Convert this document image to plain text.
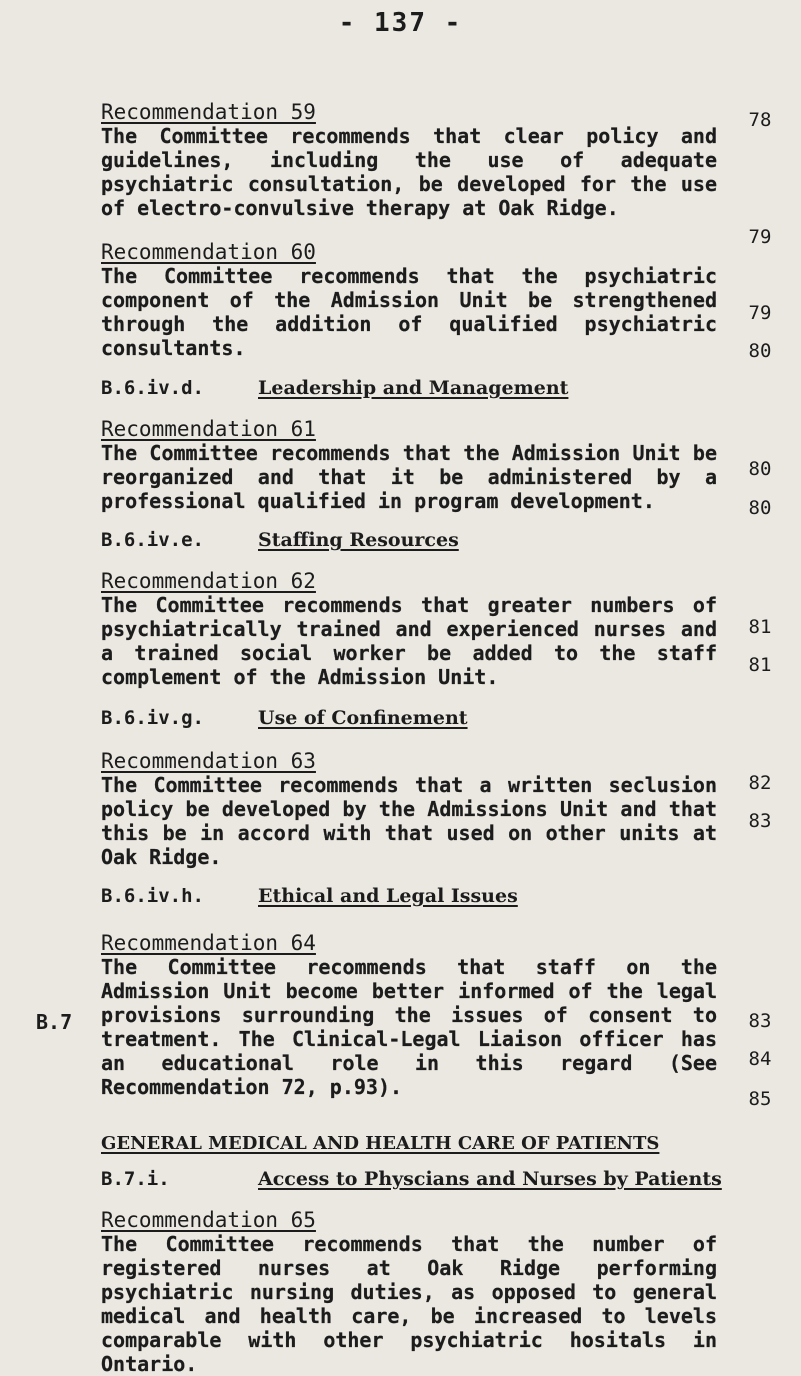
- 137 -
B.7
78
79
79
80
80
80
81
81
82
83
83
84
85
Recommendation 59

The Committee recommends that clear policy and guidelines, including the use of adequate psychiatric consultation, be developed for the use of electro-convulsive therapy at Oak Ridge.

Recommendation 60

The Committee recommends that the psychiatric component of the Admission Unit be strengthened through the addition of qualified psychiatric consultants.

B.6.iv.d.	Leadership and Management
Recommendation 61

The Committee recommends that the Admission Unit be reorganized and that it be administered by a professional qualified in program development.

B.6.iv.e.	Staffing Resources
Recommendation 62

The Committee recommends that greater numbers of psychiatrically trained and experienced nurses and a trained social worker be added to the staff complement of the Admission Unit.

B.6.iv.g.	Use of Confinement
Recommendation 63

The Committee recommends that a written seclusion policy be developed by the Admissions Unit and that this be in accord with that used on other units at Oak Ridge.

B.6.iv.h.	Ethical and Legal Issues
Recommendation 64

The Committee recommends that staff on the Admission Unit become better informed of the legal provisions surrounding the issues of consent to treatment. The Clinical-Legal Liaison officer has an educational role in this regard (See Recommendation 72, p.93).

GENERAL MEDICAL AND HEALTH CARE OF PATIENTS
B.7.i.	Access to Physcians and Nurses by Patients
Recommendation 65

The Committee recommends that the number of registered nurses at Oak Ridge performing psychiatric nursing duties, as opposed to general medical and health care, be increased to levels comparable with other psychiatric hositals in Ontario.
